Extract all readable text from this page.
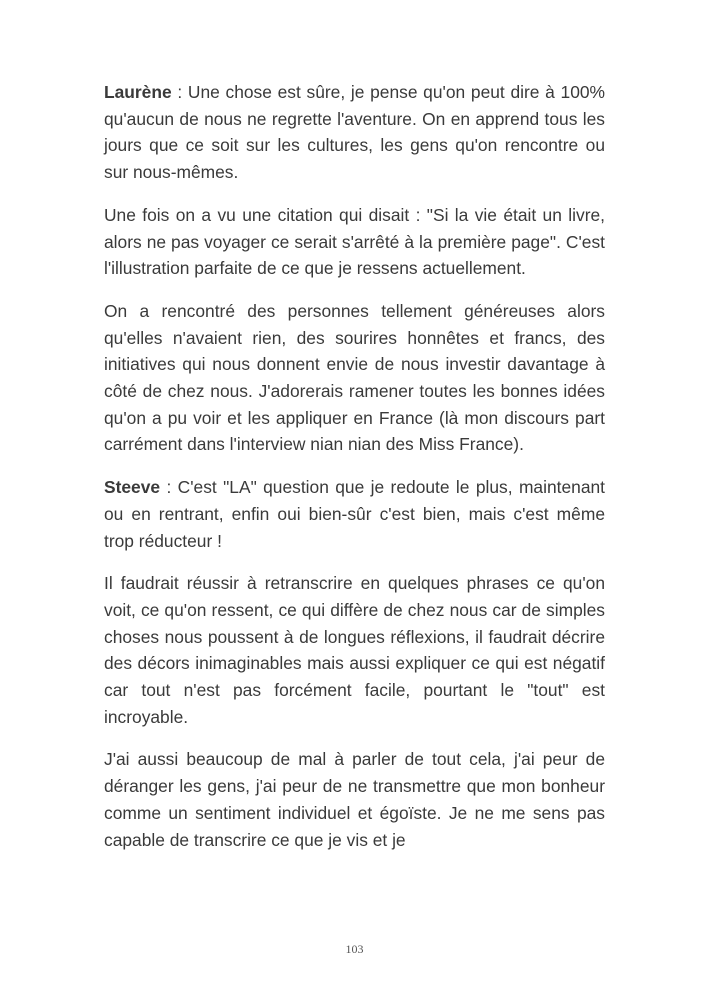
Laurène : Une chose est sûre, je pense qu'on peut dire à 100% qu'aucun de nous ne regrette l'aventure. On en apprend tous les jours que ce soit sur les cultures, les gens qu'on rencontre ou sur nous-mêmes.

Une fois on a vu une citation qui disait : "Si la vie était un livre, alors ne pas voyager ce serait s'arrêté à la première page". C'est l'illustration parfaite de ce que je ressens actuellement.

On a rencontré des personnes tellement généreuses alors qu'elles n'avaient rien, des sourires honnêtes et francs, des initiatives qui nous donnent envie de nous investir davantage à côté de chez nous. J'adorerais ramener toutes les bonnes idées qu'on a pu voir et les appliquer en France (là mon discours part carrément dans l'interview nian nian des Miss France).

Steeve : C'est "LA" question que je redoute le plus, maintenant ou en rentrant, enfin oui bien-sûr c'est bien, mais c'est même trop réducteur !

Il faudrait réussir à retranscrire en quelques phrases ce qu'on voit, ce qu'on ressent, ce qui diffère de chez nous car de simples choses nous poussent à de longues réflexions, il faudrait décrire des décors inimaginables mais aussi expliquer ce qui est négatif car tout n'est pas forcément facile, pourtant le "tout" est incroyable.

J'ai aussi beaucoup de mal à parler de tout cela, j'ai peur de déranger les gens, j'ai peur de ne transmettre que mon bonheur comme un sentiment individuel et égoïste. Je ne me sens pas capable de transcrire ce que je vis et je

103
